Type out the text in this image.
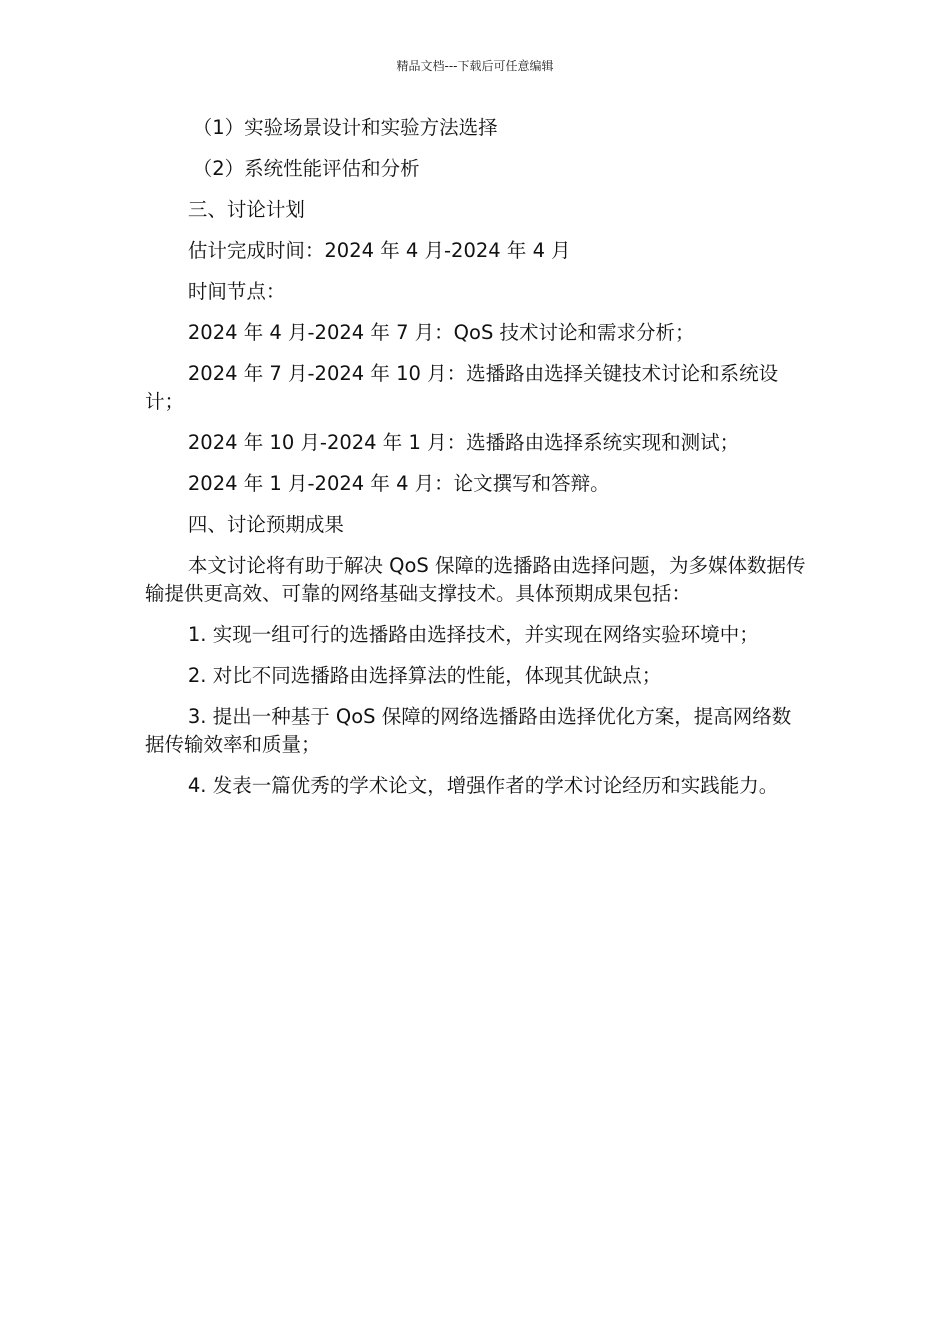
精品文档---下载后可任意编辑

（1）实验场景设计和实验方法选择

（2）系统性能评估和分析

三、讨论计划

估计完成时间：2024 年 4 月-2024 年 4 月

时间节点：

2024 年 4 月-2024 年 7 月：QoS 技术讨论和需求分析；

2024 年 7 月-2024 年 10 月：选播路由选择关键技术讨论和系统设计；

2024 年 10 月-2024 年 1 月：选播路由选择系统实现和测试；

2024 年 1 月-2024 年 4 月：论文撰写和答辩。

四、讨论预期成果

本文讨论将有助于解决 QoS 保障的选播路由选择问题，为多媒体数据传输提供更高效、可靠的网络基础支撑技术。具体预期成果包括：

1. 实现一组可行的选播路由选择技术，并实现在网络实验环境中；

2. 对比不同选播路由选择算法的性能，体现其优缺点；

3. 提出一种基于 QoS 保障的网络选播路由选择优化方案，提高网络数据传输效率和质量；

4. 发表一篇优秀的学术论文，增强作者的学术讨论经历和实践能力。
